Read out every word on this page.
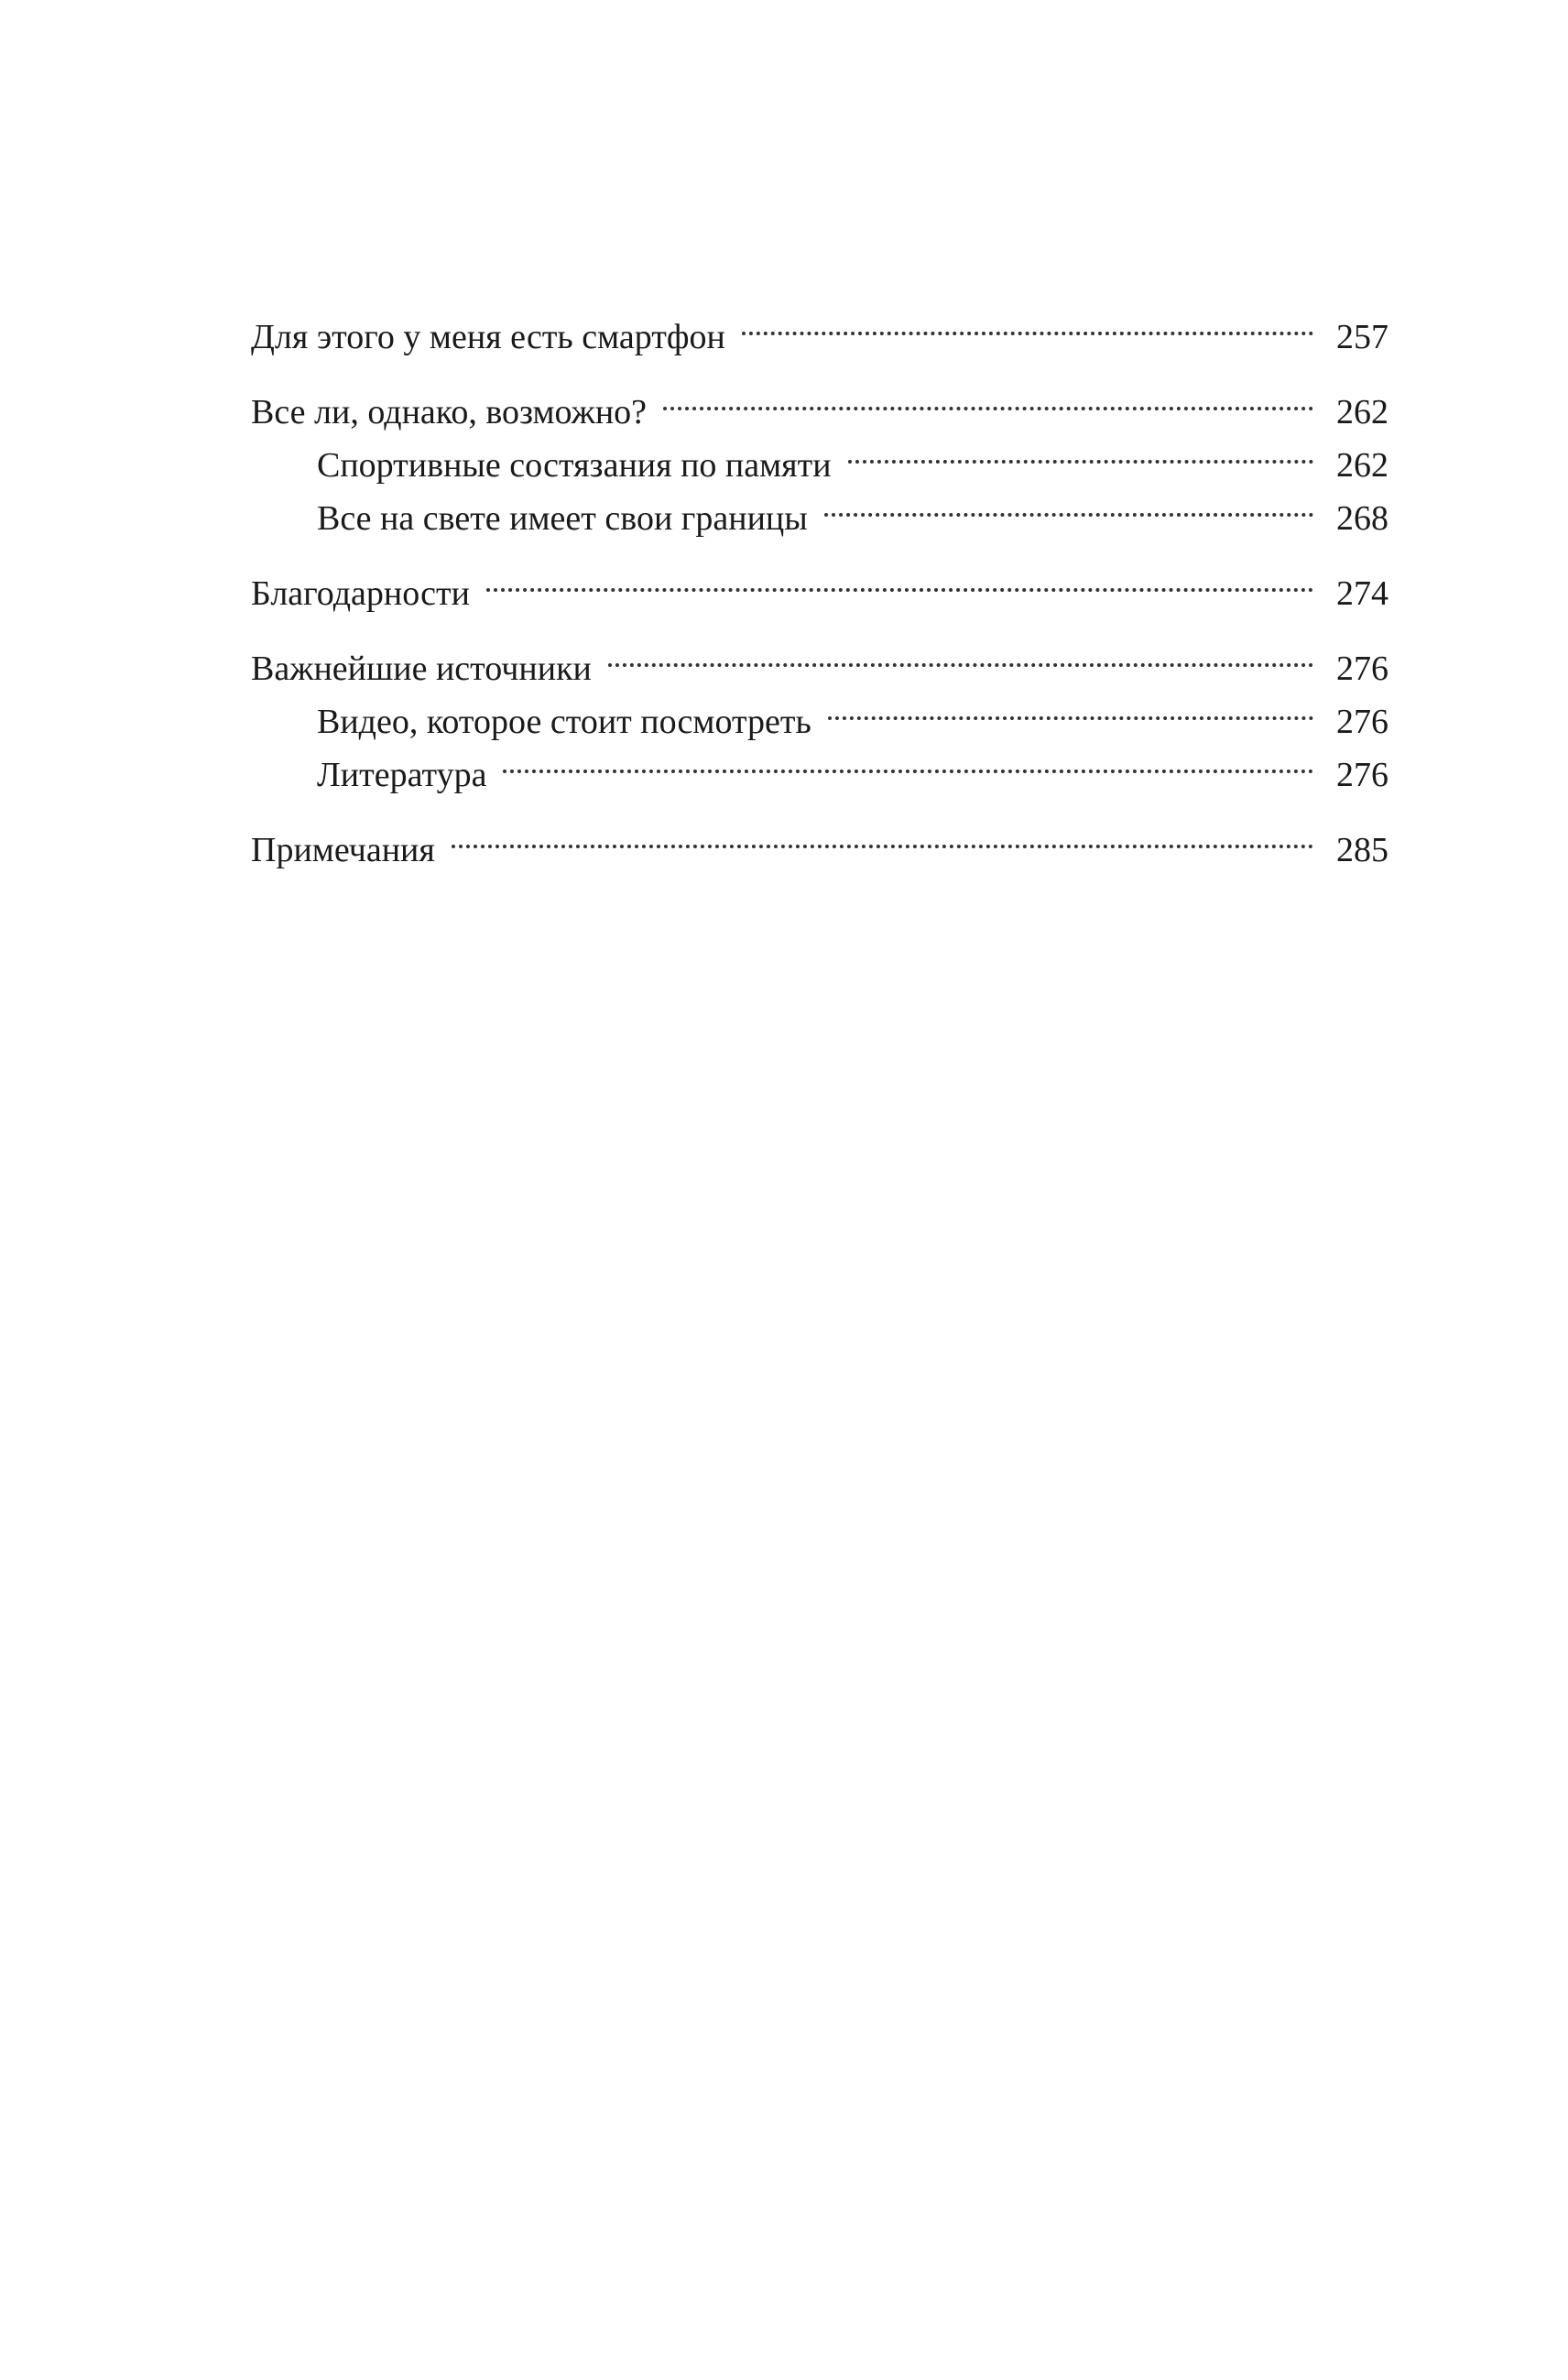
Для этого у меня есть смартфон	257
Все ли, однако, возможно?	262
Спортивные состязания по памяти	262
Все на свете имеет свои границы	268
Благодарности	274
Важнейшие источники	276
Видео, которое стоит посмотреть	276
Литература	276
Примечания	285
